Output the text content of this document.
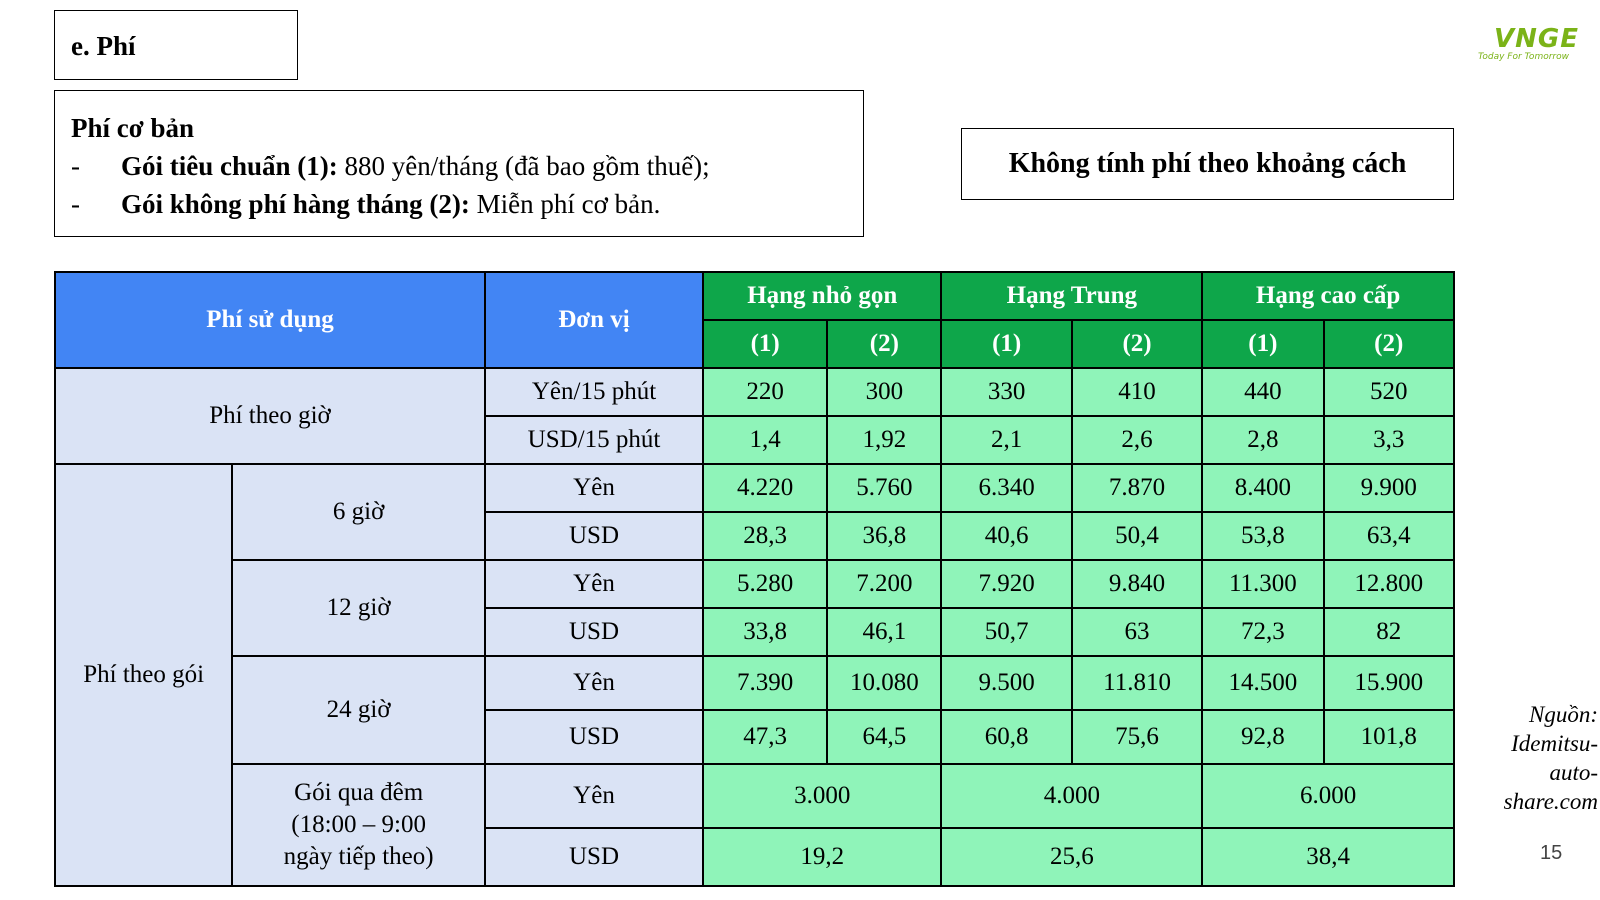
e. Phí
Phí cơ bản
-	Gói tiêu chuẩn (1): 880 yên/tháng (đã bao gồm thuế);
-	Gói không phí hàng tháng (2): Miễn phí cơ bản.
Không tính phí theo khoảng cách
VNGE
Today For Tomorrow
Phí sử dụng		Đơn vị	Hạng nhỏ gọn		Hạng Trung		Hạng cao cấp	
			(1)	(2)	(1)	(2)	(1)	(2)
Phí theo giờ		Yên/15 phút	220	300	330	410	440	520
		USD/15 phút	1,4	1,92	2,1	2,6	2,8	3,3
Phí theo gói	6 giờ	Yên	4.220	5.760	6.340	7.870	8.400	9.900
		USD	28,3	36,8	40,6	50,4	53,8	63,4
	12 giờ	Yên	5.280	7.200	7.920	9.840	11.300	12.800
		USD	33,8	46,1	50,7	63	72,3	82
	24 giờ	Yên	7.390	10.080	9.500	11.810	14.500	15.900
		USD	47,3	64,5	60,8	75,6	92,8	101,8

	Gói qua đêm
(18:00 – 9:00
ngày tiếp theo)	Yên	3.000		4.000		6.000	
		USD	19,2		25,6		38,4	
Nguồn:
Idemitsu-
auto-
share.com
15
